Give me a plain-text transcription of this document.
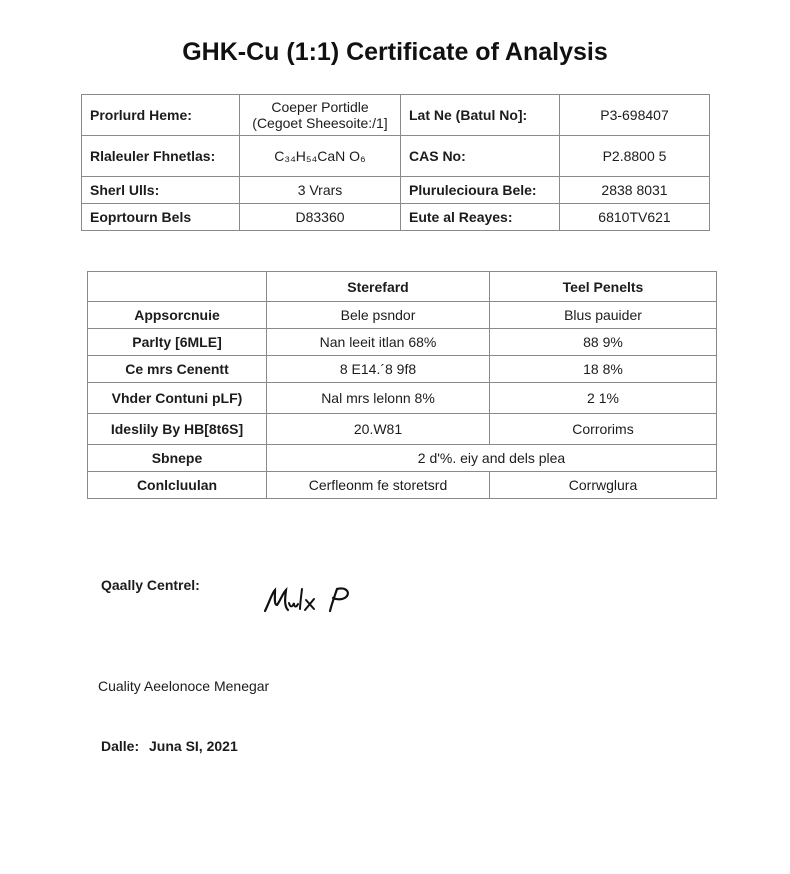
GHK-Cu (1:1) Certificate of Analysis
Prorlurd Heme:	Coeper Portidle (Cegoet Sheesoite:/1]	Lat Ne (Batul No]:	P3-698407
Rlaleuler Fhnetlas:	C₃₄H₅₄CaN O₆	CAS No:	P2.8800 5
Sherl Ulls:	3 Vrars	Plurulecioura Bele:	2838 8031
Eoprtourn Bels	D83360	Eute al Reayes:	6810TV621
	Sterefard	Teel Penelts
Appsorcnuie	Bele psndor	Blus pauider
Parlty [6MLE]	Nan leeit itlan 68%	88 9%
Ce mrs Cenentt	8 E14.´8 9f8	18 8%
Vhder Contuni pLF)	Nal mrs lelonn 8%	2 1%
Ideslily By HB[8t6S]	20.W81	Corrorims
Sbnepe	2 d'%. eiy and dels plea	
Conlcluulan	Cerfleonm fe storetsrd	Corrwglura
Qaally Centrel:
Cuality Aeelonoce Menegar
Dalle: Juna SI, 2021
